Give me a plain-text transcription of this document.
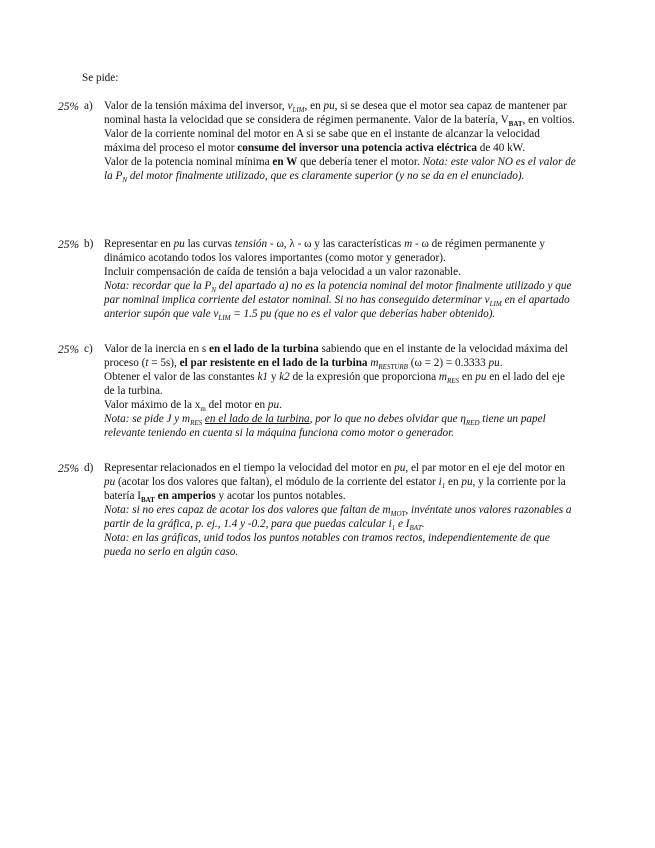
Se pide:
25% a) Valor de la tensión máxima del inversor, $v_{LIM}$, en pu, si se desea que el motor sea capaz de mantener par nominal hasta la velocidad que se considera de régimen permanente. Valor de la batería, $V_{BAT}$, en voltios.

Valor de la corriente nominal del motor en A si se sabe que en el instante de alcanzar la velocidad máxima del proceso el motor consume del inversor una potencia activa eléctrica de 40 kW.

Valor de la potencia nominal mínima en W que debería tener el motor. Nota: este valor NO es el valor de la $P_N$ del motor finalmente utilizado, que es claramente superior (y no se da en el enunciado).

25% b) Representar en pu las curvas tensión - ω, λ - ω y las características m - ω de régimen permanente y dinámico acotando todos los valores importantes (como motor y generador).

Incluir compensación de caída de tensión a baja velocidad a un valor razonable.

Nota: recordar que la $P_N$ del apartado a) no es la potencia nominal del motor finalmente utilizado y que par nominal implica corriente del estator nominal. Si no has conseguido determinar $v_{LIM}$ en el apartado anterior supón que vale $v_{LIM} = 1.5$ pu (que no es el valor que deberías haber obtenido).

25% c) Valor de la inercia en s en el lado de la turbina sabiendo que en el instante de la velocidad máxima del proceso (t = 5s), el par resistente en el lado de la turbina $m_{RESTURB}$ (ω = 2) = 0.3333 pu.

Obtener el valor de las constantes k1 y k2 de la expresión que proporciona $m_{RES}$ en pu en el lado del eje de la turbina.

Valor máximo de la $x_m$ del motor en pu.

Nota: se pide J y $m_{RES}$ en el lado de la turbina, por lo que no debes olvidar que $\eta_{RED}$ tiene un papel relevante teniendo en cuenta si la máquina funciona como motor o generador.

25% d) Representar relacionados en el tiempo la velocidad del motor en pu, el par motor en el eje del motor en pu (acotar los dos valores que faltan), el módulo de la corriente del estator $i_1$ en pu, y la corriente por la batería $I_{BAT}$ en amperios y acotar los puntos notables.

Nota: si no eres capaz de acotar los dos valores que faltan de $m_{MOT}$, invéntate unos valores razonables a partir de la gráfica, p. ej., 1.4 y -0.2, para que puedas calcular $i_1$ e $I_{BAT}$.

Nota: en las gráficas, unid todos los puntos notables con tramos rectos, independientemente de que pueda no serlo en algún caso.
